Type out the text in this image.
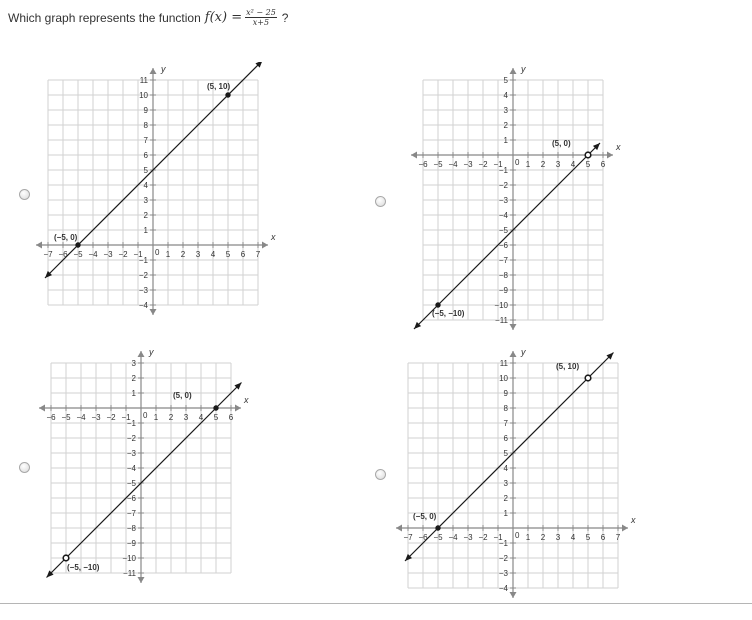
Which graph represents the function $f(x) = \frac{\text{x² − 25}}{x+5}$ ?
−7 −6 −5 −4 −3 −2 −1	1 2 3 4 5 6 7
−4
−3
−2
−1
1
2
3
4
5
6
7
8
9
10
11
0
x
y
(−5, 0)
(5, 10)
−6 −5 −4 −3 −2 −1	1 2 3 4 5 6
−11
−10
−9
−8
−7
−6
−5
−4
−3
−2
−1
1
2
3
4
5
0
x
y
(−5, −10)
(5, 0)
−6 −5 −4 −3 −2 −1	1 2 3 4 5 6
−11
−10
−9
−8
−7
−6
−5
−4
−3
−2
−1
1
2
3
0
x
y
(−5, −10)
(5, 0)
−7 −6 −5 −4 −3 −2 −1	1 2 3 4 5 6 7
−4
−3
−2
−1
1
2
3
4
5
6
7
8
9
10
11
0
x
y
(−5, 0)
(5, 10)
